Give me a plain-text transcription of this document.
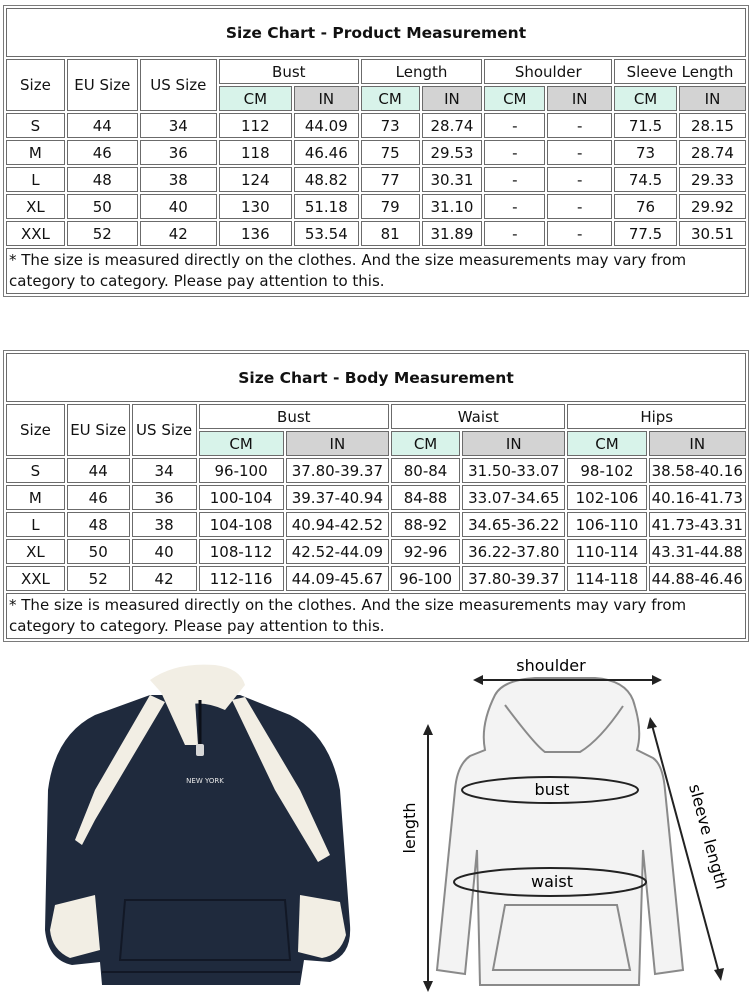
Size Chart - Product Measurement										
Size	EU Size	US Size	Bust		Length		Shoulder		Sleeve Length	
			CM	IN	CM	IN	CM	IN	CM	IN
S	44	34	112	44.09	73	28.74	-	-	71.5	28.15
M	46	36	118	46.46	75	29.53	-	-	73	28.74
L	48	38	124	48.82	77	30.31	-	-	74.5	29.33
XL	50	40	130	51.18	79	31.10	-	-	76	29.92
XXL	52	42	136	53.54	81	31.89	-	-	77.5	30.51
* The size is measured directly on the clothes. And the size measurements may vary from category to category. Please pay attention to this.										
Size Chart - Body Measurement								
Size	EU Size	US Size	Bust		Waist		Hips	
			CM	IN	CM	IN	CM	IN
S	44	34	96-100	37.80-39.37	80-84	31.50-33.07	98-102	38.58-40.16
M	46	36	100-104	39.37-40.94	84-88	33.07-34.65	102-106	40.16-41.73
L	48	38	104-108	40.94-42.52	88-92	34.65-36.22	106-110	41.73-43.31
XL	50	40	108-112	42.52-44.09	92-96	36.22-37.80	110-114	43.31-44.88
XXL	52	42	112-116	44.09-45.67	96-100	37.80-39.37	114-118	44.88-46.46
* The size is measured directly on the clothes. And the size measurements may vary from category to category. Please pay attention to this.								
NEW YORK
shoulder
bust
waist
length	sleeve length
